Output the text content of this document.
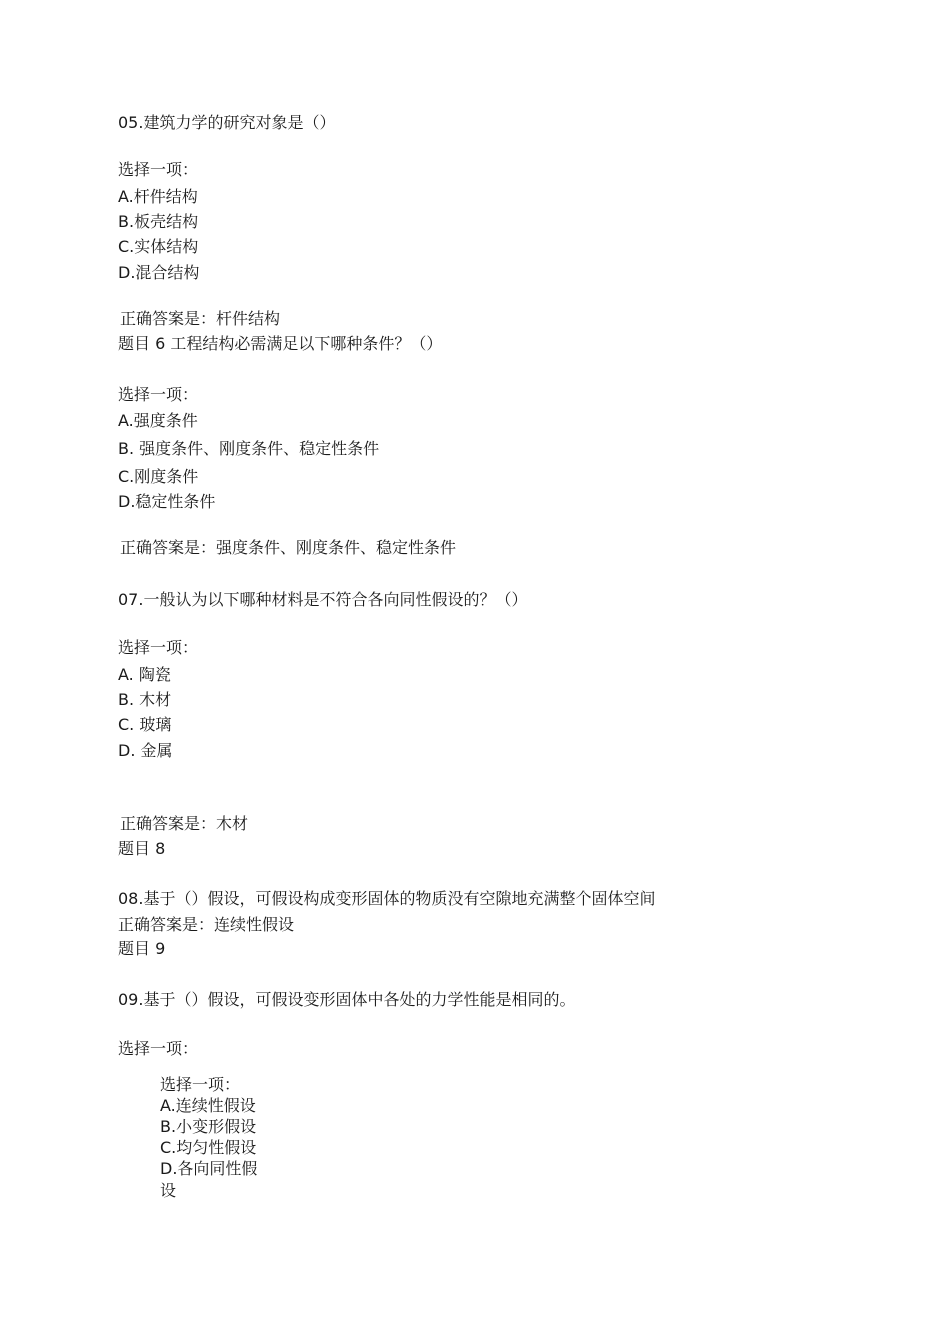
05.建筑力学的研究对象是（）
选择一项：
A.杆件结构
B.板壳结构
C.实体结构
D.混合结构
正确答案是：杆件结构
题目 6 工程结构必需满足以下哪种条件？（）
选择一项：
A.强度条件
B. 强度条件、刚度条件、稳定性条件
C.刚度条件
D.稳定性条件
正确答案是：强度条件、刚度条件、稳定性条件
07.一般认为以下哪种材料是不符合各向同性假设的？（）
选择一项：
A. 陶瓷
B. 木材
C. 玻璃
D. 金属
正确答案是：木材
题目 8
08.基于（）假设，可假设构成变形固体的物质没有空隙地充满整个固体空间
正确答案是：连续性假设
题目 9
09.基于（）假设，可假设变形固体中各处的力学性能是相同的。
选择一项：
选择一项：
A.连续性假设
B.小变形假设
C.均匀性假设
D.各向同性假
设
